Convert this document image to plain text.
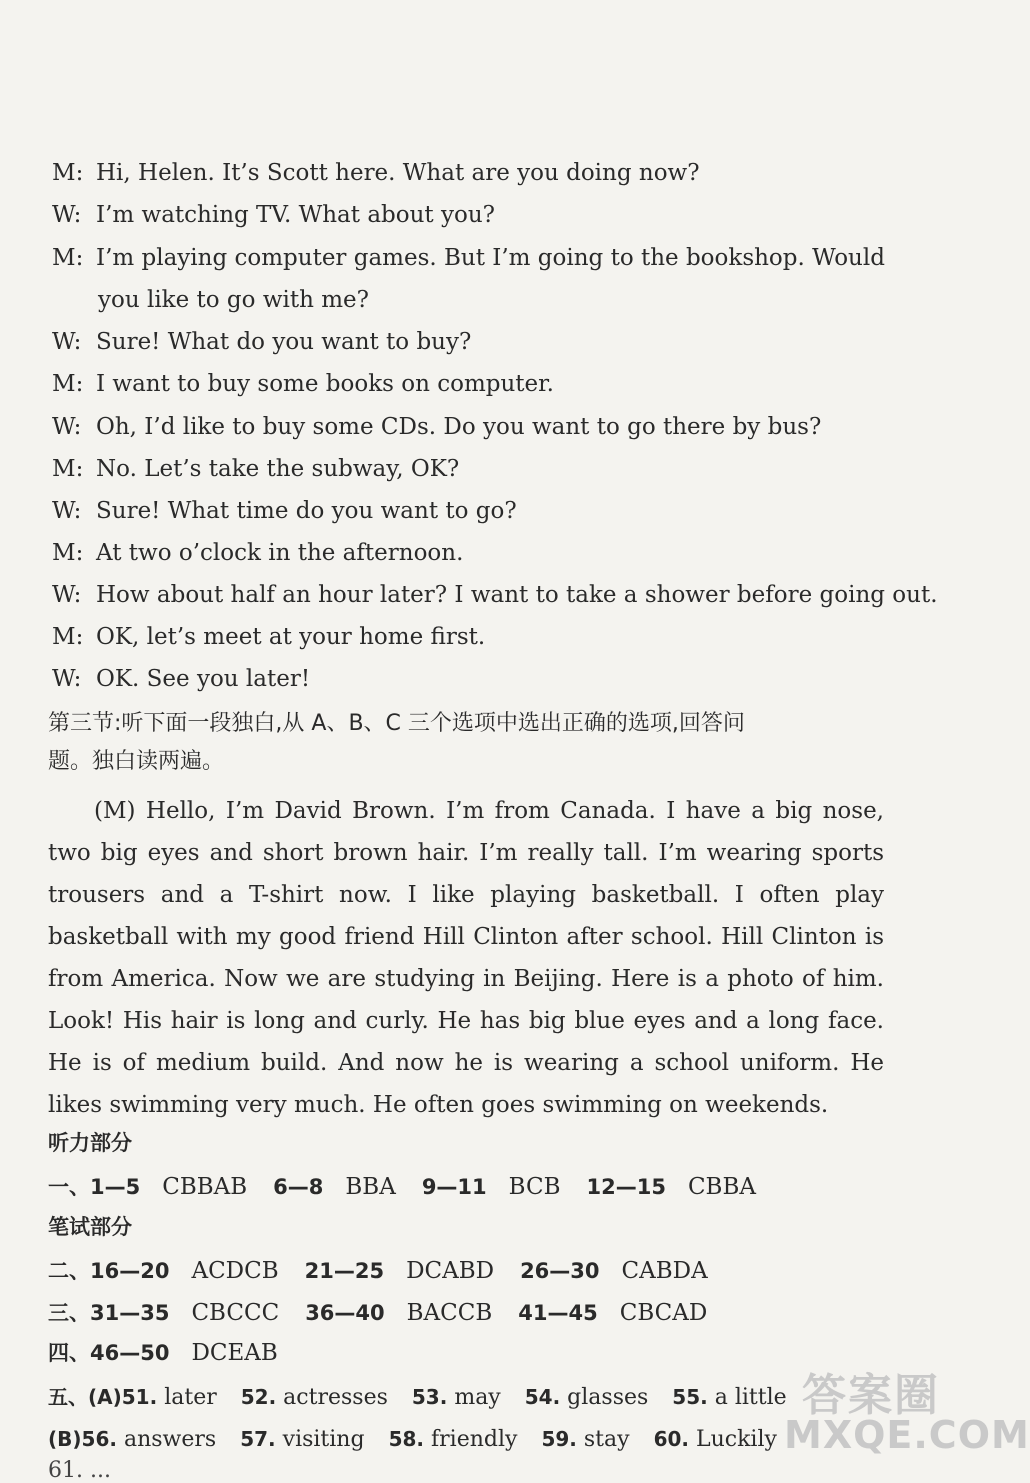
M: Hi, Helen. It’s Scott here. What are you doing now?
W: I’m watching TV. What about you?
M: I’m playing computer games. But I’m going to the bookshop. Would
you like to go with me?
W: Sure! What do you want to buy?
M: I want to buy some books on computer.
W: Oh, I’d like to buy some CDs. Do you want to go there by bus?
M: No. Let’s take the subway, OK?
W: Sure! What time do you want to go?
M: At two o’clock in the afternoon.
W: How about half an hour later? I want to take a shower before going out.
M: OK, let’s meet at your home first.
W: OK. See you later!
第三节:听下面一段独白,从 A、B、C 三个选项中选出正确的选项,回答问
题。独白读两遍。
(M) Hello, I’m David Brown. I’m from Canada. I have a big nose, two big eyes and short brown hair. I’m really tall. I’m wearing sports trousers and a T-shirt now. I like playing basketball. I often play basketball with my good friend Hill Clinton after school. Hill Clinton is from America. Now we are studying in Beijing. Here is a photo of him. Look! His hair is long and curly. He has big blue eyes and a long face. He is of medium build. And now he is wearing a school uniform. He likes swimming very much. He often goes swimming on weekends.
听力部分
一、1—5 CBBAB 6—8 BBA 9—11 BCB 12—15 CBBA
笔试部分
二、16—20 ACDCB 21—25 DCABD 26—30 CABDA
三、31—35 CBCCC 36—40 BACCB 41—45 CBCAD
四、46—50 DCEAB
五、(A)51. later 52. actresses 53. may 54. glasses 55. a little
(B)56. answers 57. visiting 58. friendly 59. stay 60. Luckily
61. ...
答案圈
MXQE.COM
